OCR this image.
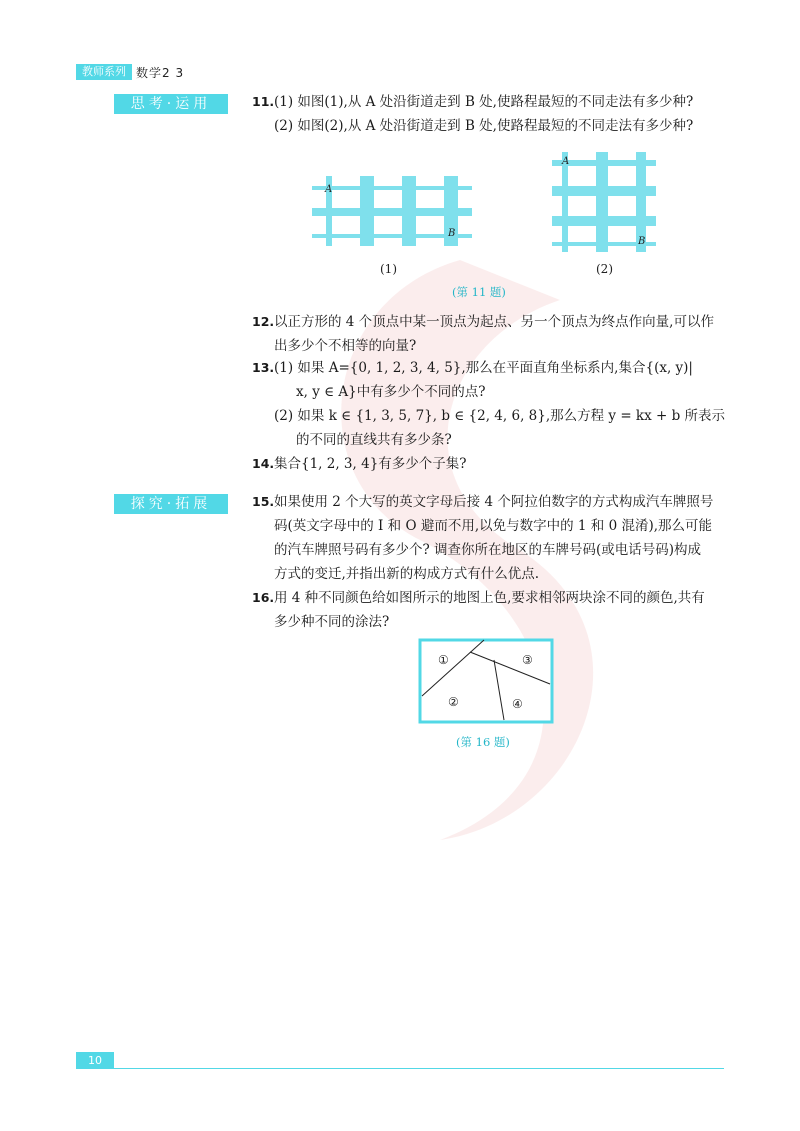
教师系列 数学2 3
思考·运用	11.(1) 如图(1),从 A 处沿街道走到 B 处,使路程最短的不同走法有多少种?
(2) 如图(2),从 A 处沿街道走到 B 处,使路程最短的不同走法有多少种?
A
B
(1)
A
B
(2)
(第 11 题)
12.以正方形的 4 个顶点中某一顶点为起点、另一个顶点为终点作向量,可以作
出多少个不相等的向量?
13.(1) 如果 A={0, 1, 2, 3, 4, 5},那么在平面直角坐标系内,集合{(x, y)|
x, y ∈ A}中有多少个不同的点?
(2) 如果 k ∈ {1, 3, 5, 7}, b ∈ {2, 4, 6, 8},那么方程 y = kx + b 所表示
的不同的直线共有多少条?
14.集合{1, 2, 3, 4}有多少个子集?
探究·拓展	15.如果使用 2 个大写的英文字母后接 4 个阿拉伯数字的方式构成汽车牌照号
码(英文字母中的 I 和 O 避而不用,以免与数字中的 1 和 0 混淆),那么可能
的汽车牌照号码有多少个? 调查你所在地区的车牌号码(或电话号码)构成
方式的变迁,并指出新的构成方式有什么优点.
16.用 4 种不同颜色给如图所示的地图上色,要求相邻两块涂不同的颜色,共有
多少种不同的涂法?
①
②
③
④
(第 16 题)
10
